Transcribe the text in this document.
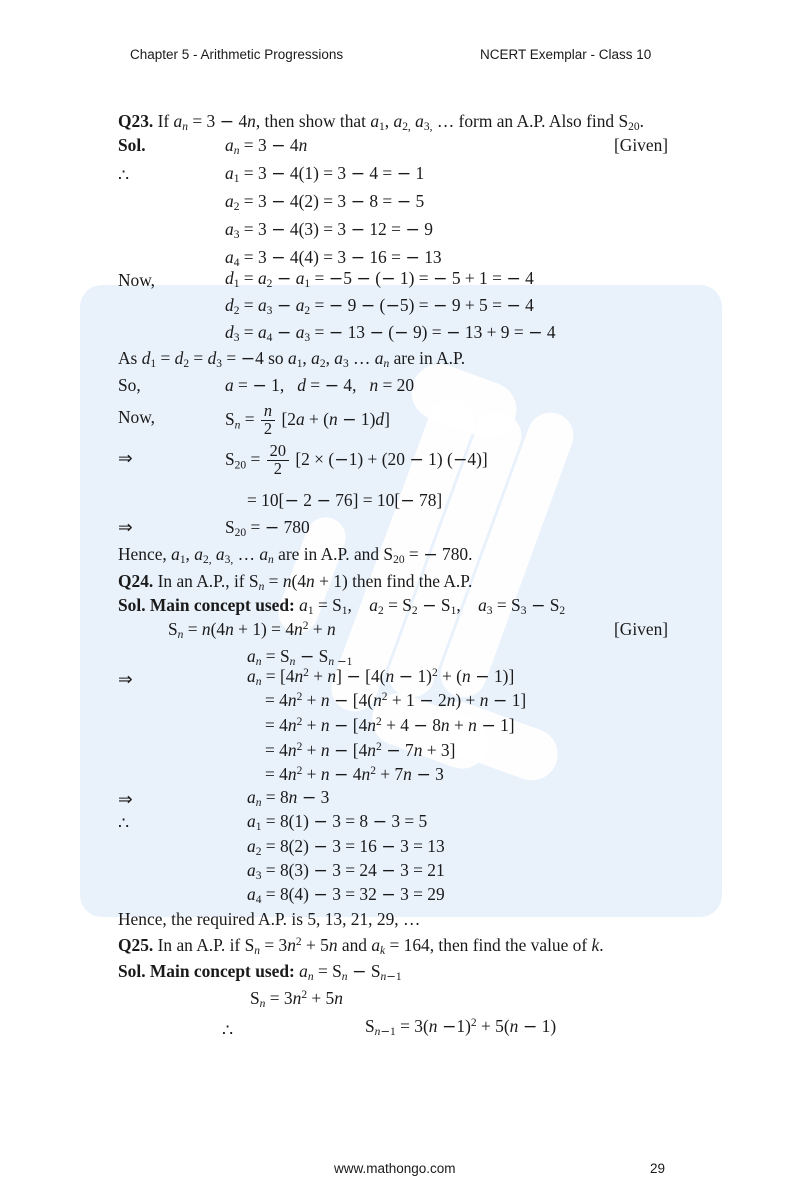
Chapter 5 - Arithmetic Progressions	NCERT Exemplar - Class 10
Q23. If $a_n = 3 - 4n$, then show that $a_1$, $a_{2,}$ $a_{3,}$ … form an A.P. Also find $S_{20}$.
Sol.	$a_n = 3 - 4n$	[Given]
∴	$a_1 = 3 - 4(1) = 3 - 4$ = − 1
$a_2 = 3 - 4(2) = 3 - 8$ = − 5
$a_3 = 3 - 4(3) = 3 - 12$ = − 9
$a_4 = 3 - 4(4) = 3 - 16$ = − 13
Now,	$d_1 = a_2 - a_1 = -5$ − (− 1) = − 5 + 1 = − 4
$d_2 = a_3 - a_2$ = − 9 − (−5) = − 9 + 5 = − 4
$d_3 = a_4 - a_3$ = − 13 − (− 9) = − 13 + 9 = − 4
As $d_1 = d_2 = d_3 = -4$ so $a_1$, $a_2$, $a_3$ … $a_n$ are in A.P.
So,	a = − 1,   d = − 4,   n = 20
Now,	$S_n = \frac{n}{2} [2a + (n - 1)d]$
⇒	$S_{20} = \frac{20}{2} [2 \times (-1) + (20 - 1)$ (−4)]
= 10[− 2 − 76] = 10[− 78]
⇒	$S_{20}$ = − 780
Hence, $a_1$, $a_{2,}$ $a_{3,}$ … $a_n$ are in A.P. and $S_{20}$ = − 780.
Q24. In an A.P., if $S_n = n(4n + 1)$ then find the A.P.
Sol. Main concept used: $a_1 = S_1$,    $a_2 = S_2 - S_1$,    $a_3 = S_3 - S_2$
$S_n = n(4n + 1) = 4n^2 + n$	[Given]
$a_n = S_n - S_{n -1}$
⇒	$a_n = [4n^2 + n] - [4(n - 1)^2 + (n - 1)]$
= $4n^2 + n - [4(n^2 + 1 - 2n) + n - 1]$
= $4n^2 + n - [4n^2 + 4 - 8n + n - 1]$
= $4n^2 + n - [4n^2 - 7n + 3]$
= $4n^2 + n - 4n^2 + 7n - 3$
⇒	$a_n = 8n - 3$
∴	$a_1 = 8(1) - 3 = 8 - 3 = 5$
$a_2 = 8(2) - 3 = 16 - 3 = 13$
$a_3 = 8(3) - 3 = 24 - 3 = 21$
$a_4 = 8(4) - 3 = 32 - 3 = 29$
Hence, the required A.P. is 5, 13, 21, 29, …
Q25. In an A.P. if $S_n = 3n^2 + 5n$ and $a_k = 164$, then find the value of k.
Sol. Main concept used: $a_n = S_n - S_{n-1}$
$S_n = 3n^2 + 5n$
∴	$S_{n-1} = 3(n -1)^2 + 5(n - 1)$
www.mathongo.com	29
